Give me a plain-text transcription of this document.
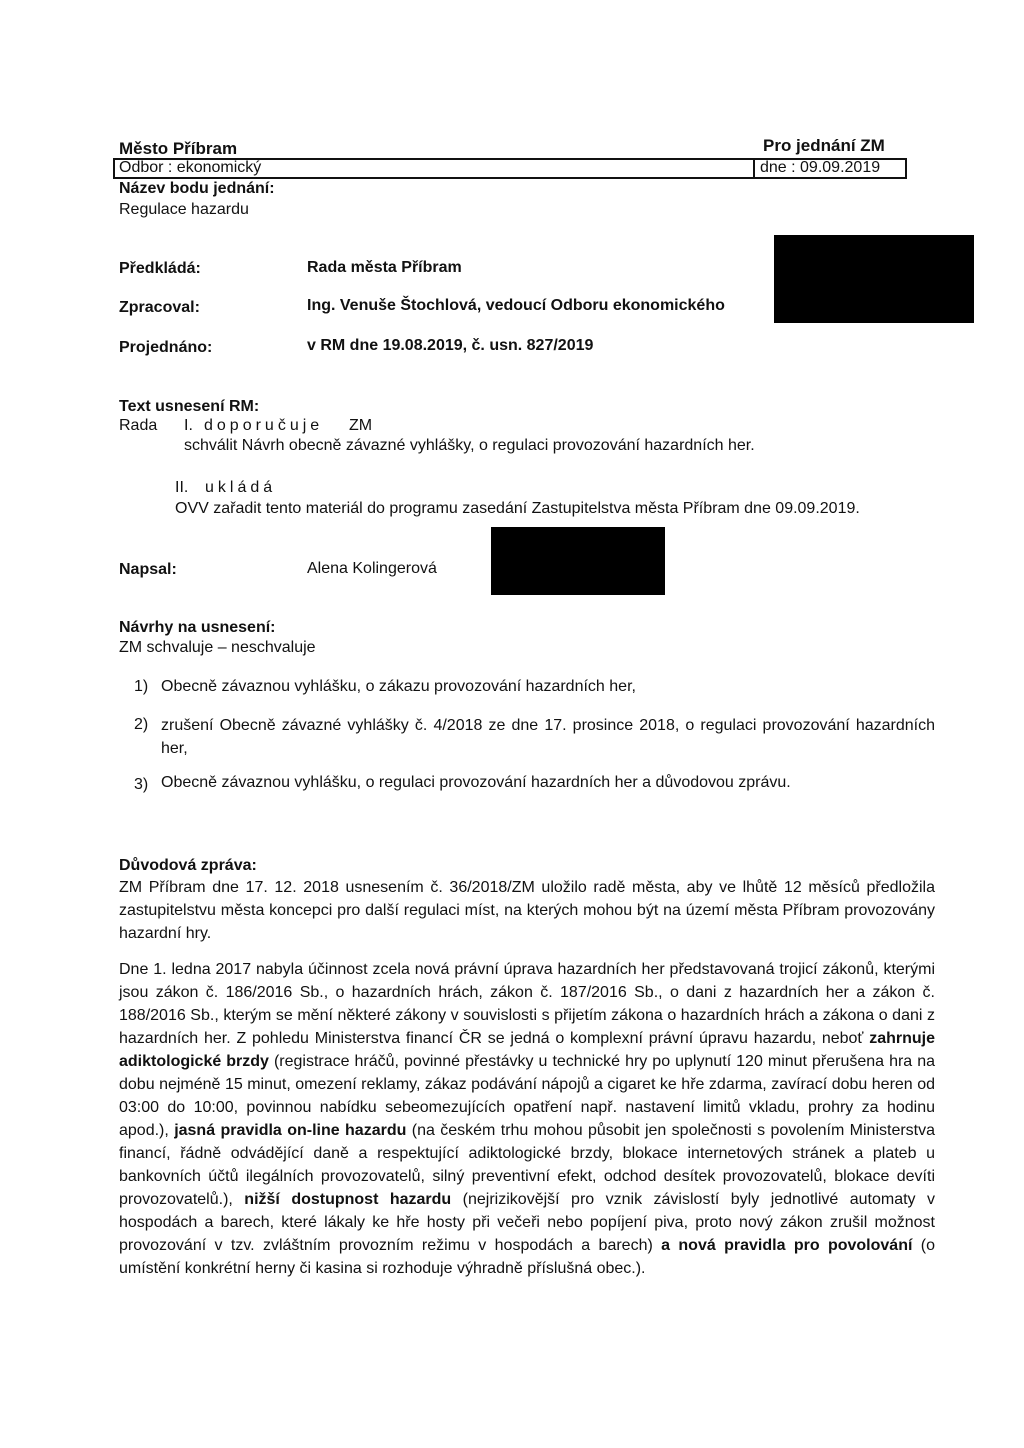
Město Příbram	Pro jednání ZM
Odbor : ekonomický	dne : 09.09.2019
Název bodu jednání:
Regulace hazardu
Předkládá:	Rada města Příbram
Zpracoval:	Ing. Venuše Štochlová, vedoucí Odboru ekonomického
Projednáno:	v RM dne 19.08.2019, č. usn. 827/2019
Text usnesení RM:
Rada I. doporučuje ZM
schválit Návrh obecně závazné vyhlášky, o regulaci provozování hazardních her.
II. ukládá
OVV zařadit tento materiál do programu zasedání Zastupitelstva města Příbram dne 09.09.2019.
Napsal:	Alena Kolingerová
Návrhy na usnesení:
ZM schvaluje – neschvaluje
1) Obecně závaznou vyhlášku, o zákazu provozování hazardních her,
2) zrušení Obecně závazné vyhlášky č. 4/2018 ze dne 17. prosince 2018, o regulaci provozování hazardních her,
3) Obecně závaznou vyhlášku, o regulaci provozování hazardních her a důvodovou zprávu.
Důvodová zpráva:
ZM Příbram dne 17. 12. 2018 usnesením č. 36/2018/ZM uložilo radě města, aby ve lhůtě 12 měsíců předložila zastupitelstvu města koncepci pro další regulaci míst, na kterých mohou být na území města Příbram provozovány hazardní hry.
Dne 1. ledna 2017 nabyla účinnost zcela nová právní úprava hazardních her představovaná trojicí zákonů, kterými jsou zákon č. 186/2016 Sb., o hazardních hrách, zákon č. 187/2016 Sb., o dani z hazardních her a zákon č. 188/2016 Sb., kterým se mění některé zákony v souvislosti s přijetím zákona o hazardních hrách a zákona o dani z hazardních her. Z pohledu Ministerstva financí ČR se jedná o komplexní právní úpravu hazardu, neboť zahrnuje adiktologické brzdy (registrace hráčů, povinné přestávky u technické hry po uplynutí 120 minut přerušena hra na dobu nejméně 15 minut, omezení reklamy, zákaz podávání nápojů a cigaret ke hře zdarma, zavírací dobu heren od 03:00 do 10:00, povinnou nabídku sebeomezujících opatření např. nastavení limitů vkladu, prohry za hodinu apod.), jasná pravidla on-line hazardu (na českém trhu mohou působit jen společnosti s povolením Ministerstva financí, řádně odvádějící daně a respektující adiktologické brzdy, blokace internetových stránek a plateb u bankovních účtů ilegálních provozovatelů, silný preventivní efekt, odchod desítek provozovatelů, blokace devíti provozovatelů.), nižší dostupnost hazardu (nejrizikovější pro vznik závislostí byly jednotlivé automaty v hospodách a barech, které lákaly ke hře hosty při večeři nebo popíjení piva, proto nový zákon zrušil možnost provozování v tzv. zvláštním provozním režimu v hospodách a barech) a nová pravidla pro povolování (o umístění konkrétní herny či kasina si rozhoduje výhradně příslušná obec.).
